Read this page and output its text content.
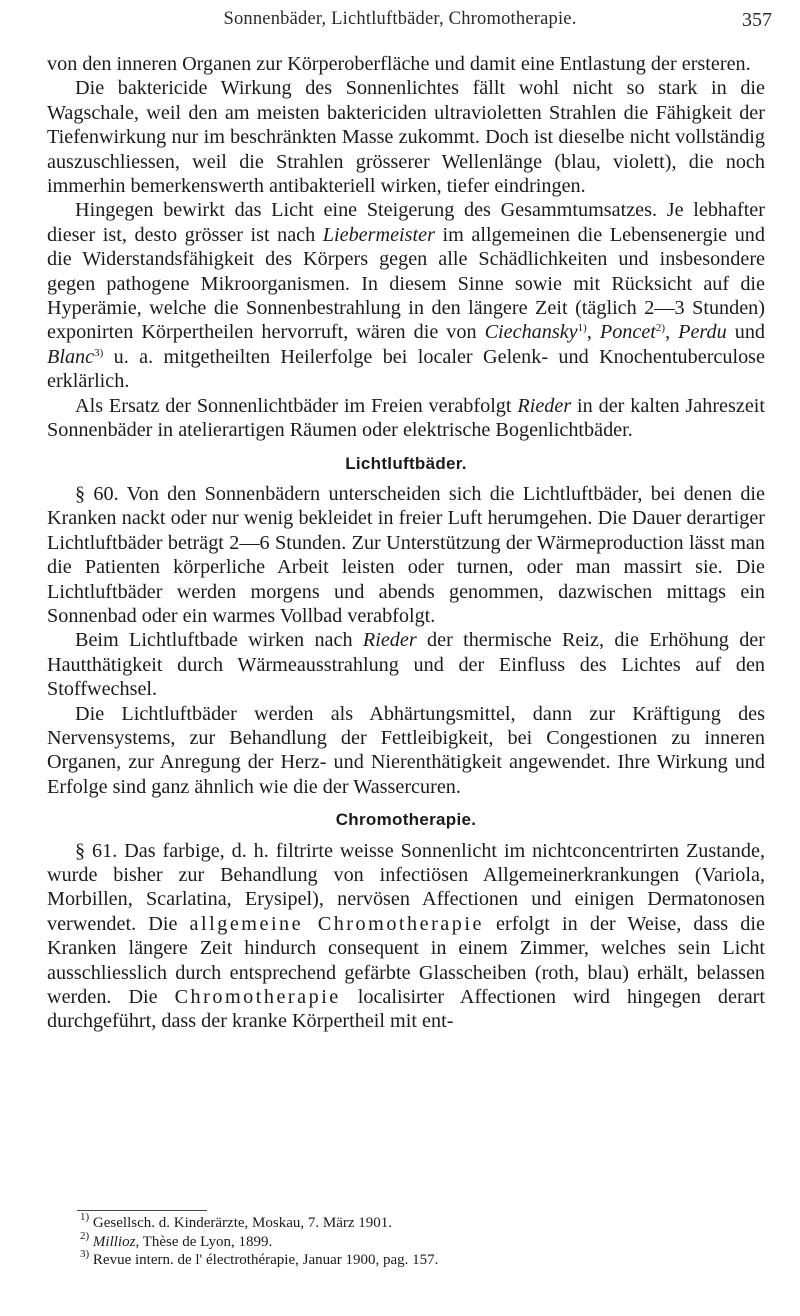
Sonnenbäder, Lichtluftbäder, Chromotherapie.	357

von den inneren Organen zur Körperoberfläche und damit eine Entlastung der ersteren.

Die baktericide Wirkung des Sonnenlichtes fällt wohl nicht so stark in die Wagschale, weil den am meisten baktericiden ultravioletten Strahlen die Fähigkeit der Tiefenwirkung nur im beschränkten Masse zukommt. Doch ist dieselbe nicht vollständig auszuschliessen, weil die Strahlen grösserer Wellenlänge (blau, violett), die noch immerhin bemerkenswerth antibakteriell wirken, tiefer eindringen.

Hingegen bewirkt das Licht eine Steigerung des Gesammtumsatzes. Je lebhafter dieser ist, desto grösser ist nach Liebermeister im allgemeinen die Lebensenergie und die Widerstandsfähigkeit des Körpers gegen alle Schädlichkeiten und insbesondere gegen pathogene Mikroorganismen. In diesem Sinne sowie mit Rücksicht auf die Hyperämie, welche die Sonnenbestrahlung in den längere Zeit (täglich 2—3 Stunden) exponirten Körpertheilen hervorruft, wären die von Ciechansky$^{1)}$, Poncet$^{2)}$, Perdu und Blanc$^{3)}$ u. a. mitgetheilten Heilerfolge bei localer Gelenk- und Knochentuberculose erklärlich.

Als Ersatz der Sonnenlichtbäder im Freien verabfolgt Rieder in der kalten Jahreszeit Sonnenbäder in atelierartigen Räumen oder elektrische Bogenlichtbäder.

Lichtluftbäder.

§ 60. Von den Sonnenbädern unterscheiden sich die Lichtluftbäder, bei denen die Kranken nackt oder nur wenig bekleidet in freier Luft herumgehen. Die Dauer derartiger Lichtluftbäder beträgt 2—6 Stunden. Zur Unterstützung der Wärmeproduction lässt man die Patienten körperliche Arbeit leisten oder turnen, oder man massirt sie. Die Lichtluftbäder werden morgens und abends genommen, dazwischen mittags ein Sonnenbad oder ein warmes Vollbad verabfolgt.

Beim Lichtluftbade wirken nach Rieder der thermische Reiz, die Erhöhung der Hautthätigkeit durch Wärmeausstrahlung und der Einfluss des Lichtes auf den Stoffwechsel.

Die Lichtluftbäder werden als Abhärtungsmittel, dann zur Kräftigung des Nervensystems, zur Behandlung der Fettleibigkeit, bei Congestionen zu inneren Organen, zur Anregung der Herz- und Nierenthätigkeit angewendet. Ihre Wirkung und Erfolge sind ganz ähnlich wie die der Wassercuren.

Chromotherapie.

§ 61. Das farbige, d. h. filtrirte weisse Sonnenlicht im nichtconcentrirten Zustande, wurde bisher zur Behandlung von infectiösen Allgemeinerkrankungen (Variola, Morbillen, Scarlatina, Erysipel), nervösen Affectionen und einigen Dermatonosen verwendet. Die allgemeine Chromotherapie erfolgt in der Weise, dass die Kranken längere Zeit hindurch consequent in einem Zimmer, welches sein Licht ausschliesslich durch entsprechend gefärbte Glasscheiben (roth, blau) erhält, belassen werden. Die Chromotherapie localisirter Affectionen wird hingegen derart durchgeführt, dass der kranke Körpertheil mit ent-

$^{1)}$ Gesellsch. d. Kinderärzte, Moskau, 7. März 1901.
$^{2)}$ Millioz, Thèse de Lyon, 1899.
$^{3)}$ Revue intern. de l' électrothérapie, Januar 1900, pag. 157.
